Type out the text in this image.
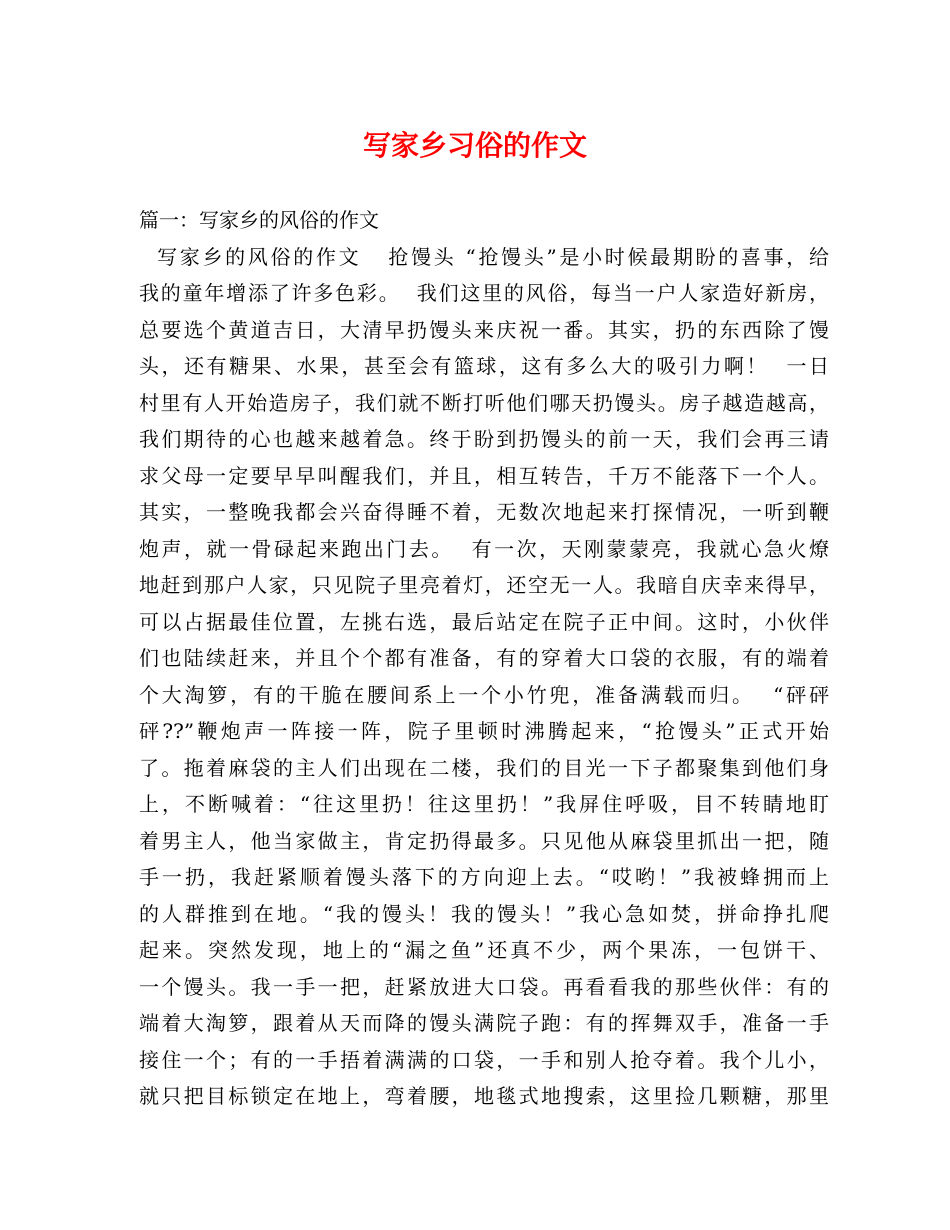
写家乡习俗的作文
篇一：写家乡的风俗的作文
写家乡的风俗的作文   抢馒头 “抢馒头”是小时候最期盼的喜事，给
我的童年增添了许多色彩。  我们这里的风俗，每当一户人家造好新房，
总要选个黄道吉日，大清早扔馒头来庆祝一番。其实，扔的东西除了馒
头，还有糖果、水果，甚至会有篮球，这有多么大的吸引力啊！  一日
村里有人开始造房子，我们就不断打听他们哪天扔馒头。房子越造越高，
我们期待的心也越来越着急。终于盼到扔馒头的前一天，我们会再三请
求父母一定要早早叫醒我们，并且，相互转告，千万不能落下一个人。
其实，一整晚我都会兴奋得睡不着，无数次地起来打探情况，一听到鞭
炮声，就一骨碌起来跑出门去。  有一次，天刚蒙蒙亮，我就心急火燎
地赶到那户人家，只见院子里亮着灯，还空无一人。我暗自庆幸来得早，
可以占据最佳位置，左挑右选，最后站定在院子正中间。这时，小伙伴
们也陆续赶来，并且个个都有准备，有的穿着大口袋的衣服，有的端着
个大淘箩，有的干脆在腰间系上一个小竹兜，准备满载而归。  “砰砰
砰??”鞭炮声一阵接一阵，院子里顿时沸腾起来，“抢馒头”正式开始
了。拖着麻袋的主人们出现在二楼，我们的目光一下子都聚集到他们身
上，不断喊着：“往这里扔！往这里扔！”我屏住呼吸，目不转睛地盯
着男主人，他当家做主，肯定扔得最多。只见他从麻袋里抓出一把，随
手一扔，我赶紧顺着馒头落下的方向迎上去。“哎哟！”我被蜂拥而上
的人群推到在地。“我的馒头！我的馒头！”我心急如焚，拼命挣扎爬
起来。突然发现，地上的“漏之鱼”还真不少，两个果冻，一包饼干、
一个馒头。我一手一把，赶紧放进大口袋。再看看我的那些伙伴：有的
端着大淘箩，跟着从天而降的馒头满院子跑：有的挥舞双手，准备一手
接住一个；有的一手捂着满满的口袋，一手和别人抢夺着。我个儿小，
就只把目标锁定在地上，弯着腰，地毯式地搜索，这里捡几颗糖，那里
